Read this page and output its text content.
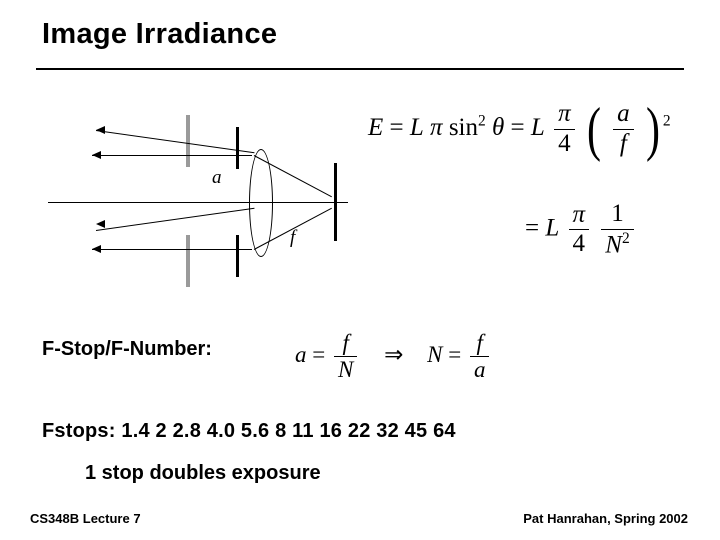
Image Irradiance
a
f
E = L π $\sin^2 \theta = L \frac{\pi}{4}$ ( $\frac{a}{f}$ ) $^2$
= L $\frac{\pi}{4}$
$\frac{1}{N^2}$
F-Stop/F-Number:	$a = \frac{f}{N}$ ⇒ $N = \frac{f}{a}$
Fstops: 1.4 2 2.8 4.0 5.6 8 11 16 22 32 45 64
1 stop doubles exposure
CS348B Lecture 7	Pat Hanrahan, Spring 2002
